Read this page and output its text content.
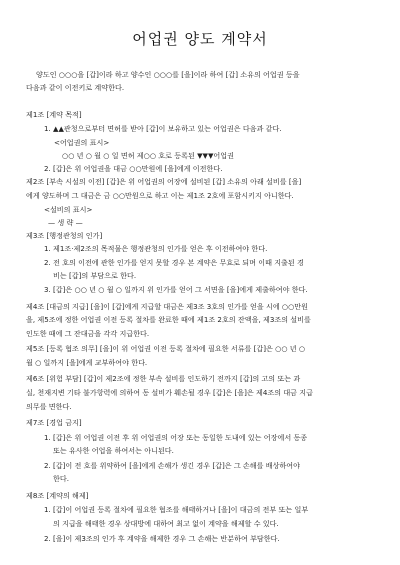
어업권 양도 계약서
양도인 ○○○을 [갑]이라 하고 양수인 ○○○를 [을]이라 하여 [갑] 소유의 어업권 등을
다음과 같이 이전키로 계약한다.
제1조 [계약 목적]
1. ▲▲관청으로부터 면허를 받아 [갑]이 보유하고 있는 어업권은 다음과 같다.
<어업권의 표시>
○○ 년 ○ 월 ○ 일 면허 제○○ 호로 등록된 ▼▼▼어업권
2. [갑]은 위 어업권을 대금 ○○만원에 [을]에게 이전한다.
제2조 [부속 시설의 이전] [갑]은 위 어업권의 어장에 설비된 [갑] 소유의 아래 설비를 [을]
에게 양도하며 그 대금은 금 ○○만원으로 하고 이는 제1조 2호에 포함시키지 아니한다.
<설비의 표시>
— 생 략 —
제3조 [행정관청의 인가]
1. 제1조·제2조의 목적물은 행정관청의 인가를 얻은 후 이전하여야 한다.
2. 전 호의 이전에 관한 인가를 얻지 못할 경우 본 계약은 무효로 되며 이때 지출된 경
비는 [갑]의 부담으로 한다.
3. [갑]은 ○○ 년 ○ 월 ○ 일까지 위 인가를 얻어 그 서면을 [을]에게 제출하여야 한다.
제4조 [대금의 지급] [을]이 [갑]에게 지급할 대금은 제3조 3호의 인가를 얻을 시에 ○○만원
을, 제5조에 정한 어업권 이전 등록 절차를 완료한 때에 제1조 2호의 잔액을, 제3조의 설비를
인도한 때에 그 잔대금을 각각 지급한다.
제5조 [등록 협조 의무] [을]이 위 어업권 이전 등록 절차에 필요한 서류를 [갑]은 ○○ 년 ○
월 ○ 일까지 [을]에게 교부하여야 한다.
제6조 [위험 부담] [갑]이 제2조에 정한 부속 설비를 인도하기 전까지 [갑]의 고의 또는 과
실, 천재지변 기타 불가항력에 의하여 동 설비가 훼손될 경우 [갑]은 [을]은 제4조의 대금 지급
의무를 면한다.
제7조 [경업 금지]
1. [갑]은 위 어업권 이전 후 위 어업권의 어장 또는 동일한 도내에 있는 어장에서 동종
또는 유사한 어업을 하여서는 아니된다.
2. [갑]이 전 호를 위약하여 [을]에게 손해가 생긴 경우 [갑]은 그 손해를 배상하여야
한다.
제8조 [계약의 해제]
1. [갑]이 어업권 등록 절차에 필요한 협조를 해태하거나 [을]이 대금의 전부 또는 일부
의 지급을 해태한 경우 상대방에 대하여 최고 없이 계약을 해제할 수 있다.
2. [을]이 제3조의 인가 후 계약을 해제한 경우 그 손해는 반분하여 부담한다.
